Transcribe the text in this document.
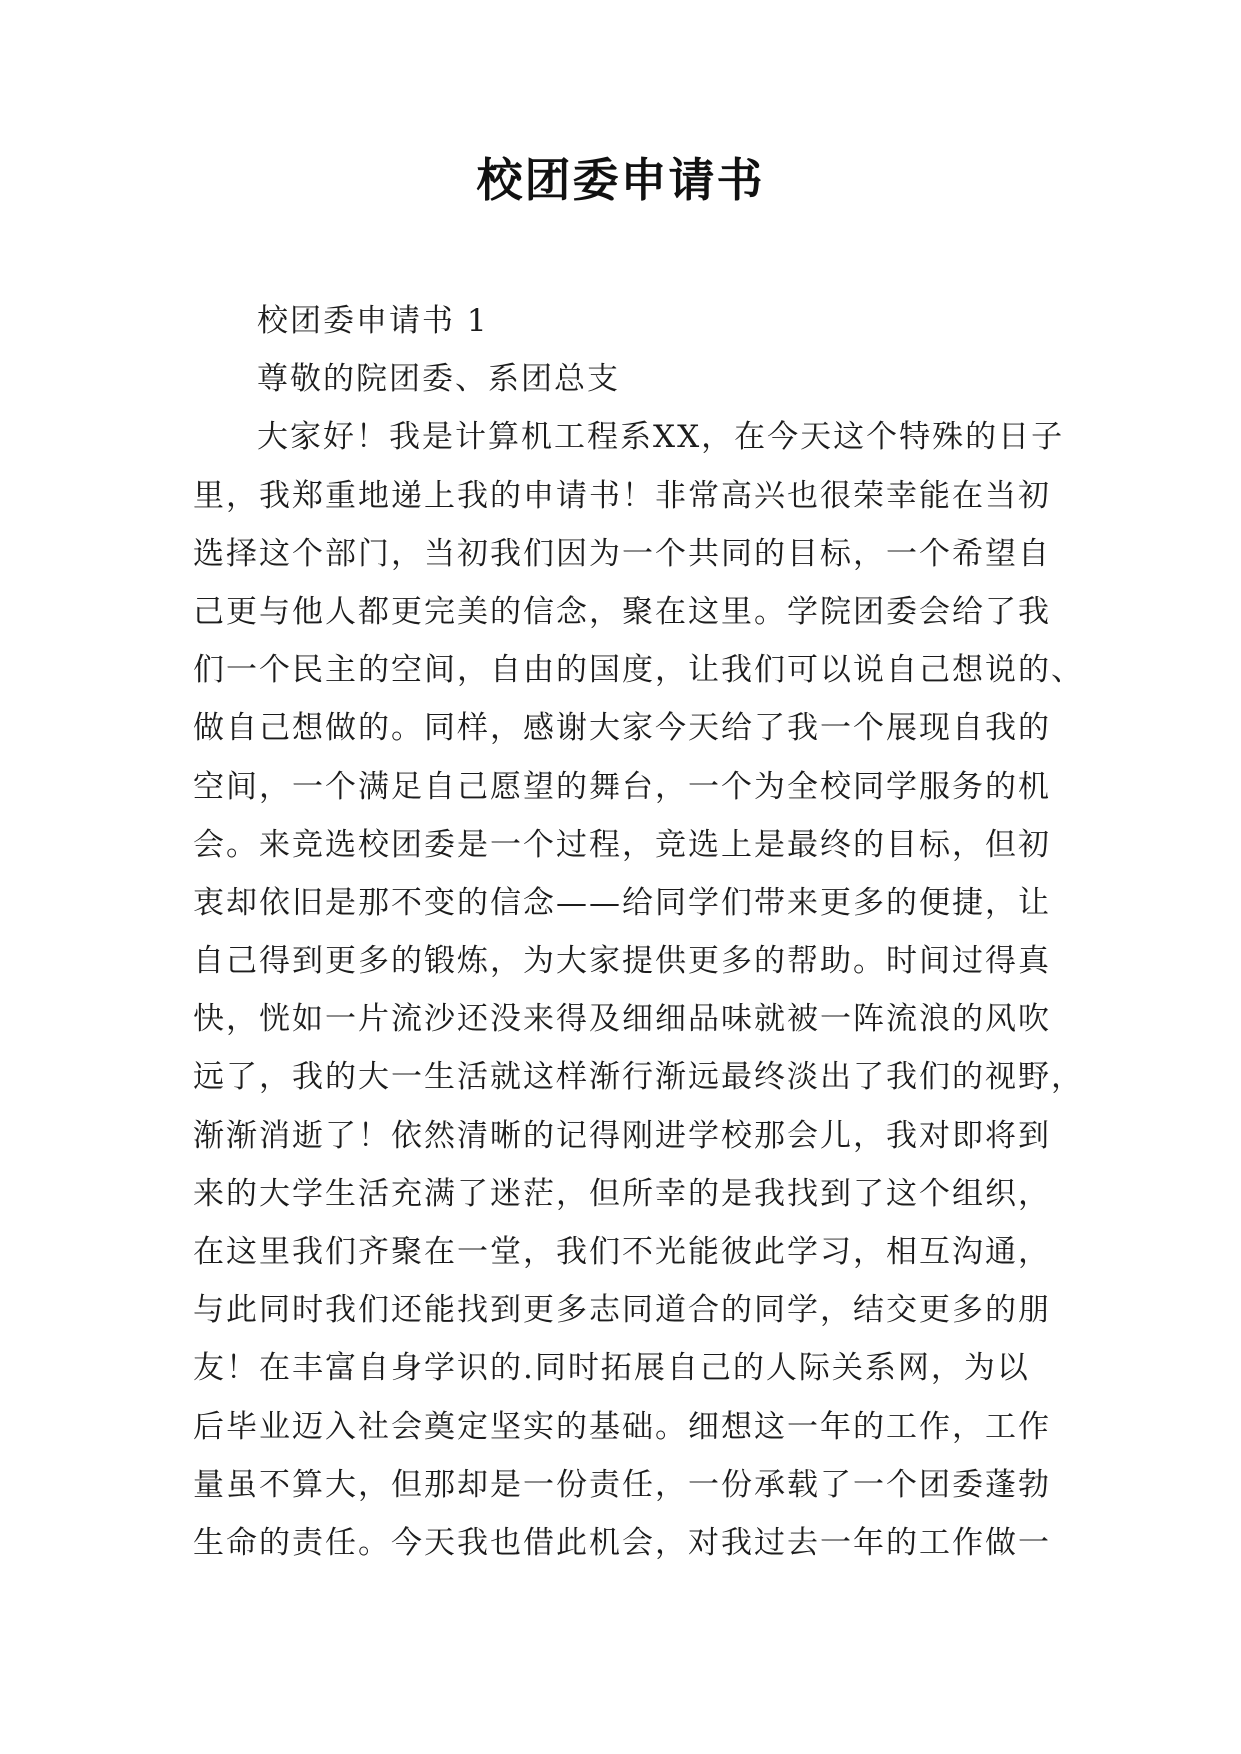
校团委申请书
校团委申请书 1
尊敬的院团委、系团总支
大家好！我是计算机工程系XX，在今天这个特殊的日子
里，我郑重地递上我的申请书！非常高兴也很荣幸能在当初
选择这个部门，当初我们因为一个共同的目标，一个希望自
己更与他人都更完美的信念，聚在这里。学院团委会给了我
们一个民主的空间，自由的国度，让我们可以说自己想说的、
做自己想做的。同样，感谢大家今天给了我一个展现自我的
空间，一个满足自己愿望的舞台，一个为全校同学服务的机
会。来竞选校团委是一个过程，竞选上是最终的目标，但初
衷却依旧是那不变的信念——给同学们带来更多的便捷，让
自己得到更多的锻炼，为大家提供更多的帮助。时间过得真
快，恍如一片流沙还没来得及细细品味就被一阵流浪的风吹
远了，我的大一生活就这样渐行渐远最终淡出了我们的视野，
渐渐消逝了！依然清晰的记得刚进学校那会儿，我对即将到
来的大学生活充满了迷茫，但所幸的是我找到了这个组织，
在这里我们齐聚在一堂，我们不光能彼此学习，相互沟通，
与此同时我们还能找到更多志同道合的同学，结交更多的朋
友！在丰富自身学识的.同时拓展自己的人际关系网，为以
后毕业迈入社会奠定坚实的基础。细想这一年的工作，工作
量虽不算大，但那却是一份责任，一份承载了一个团委蓬勃
生命的责任。今天我也借此机会，对我过去一年的工作做一
